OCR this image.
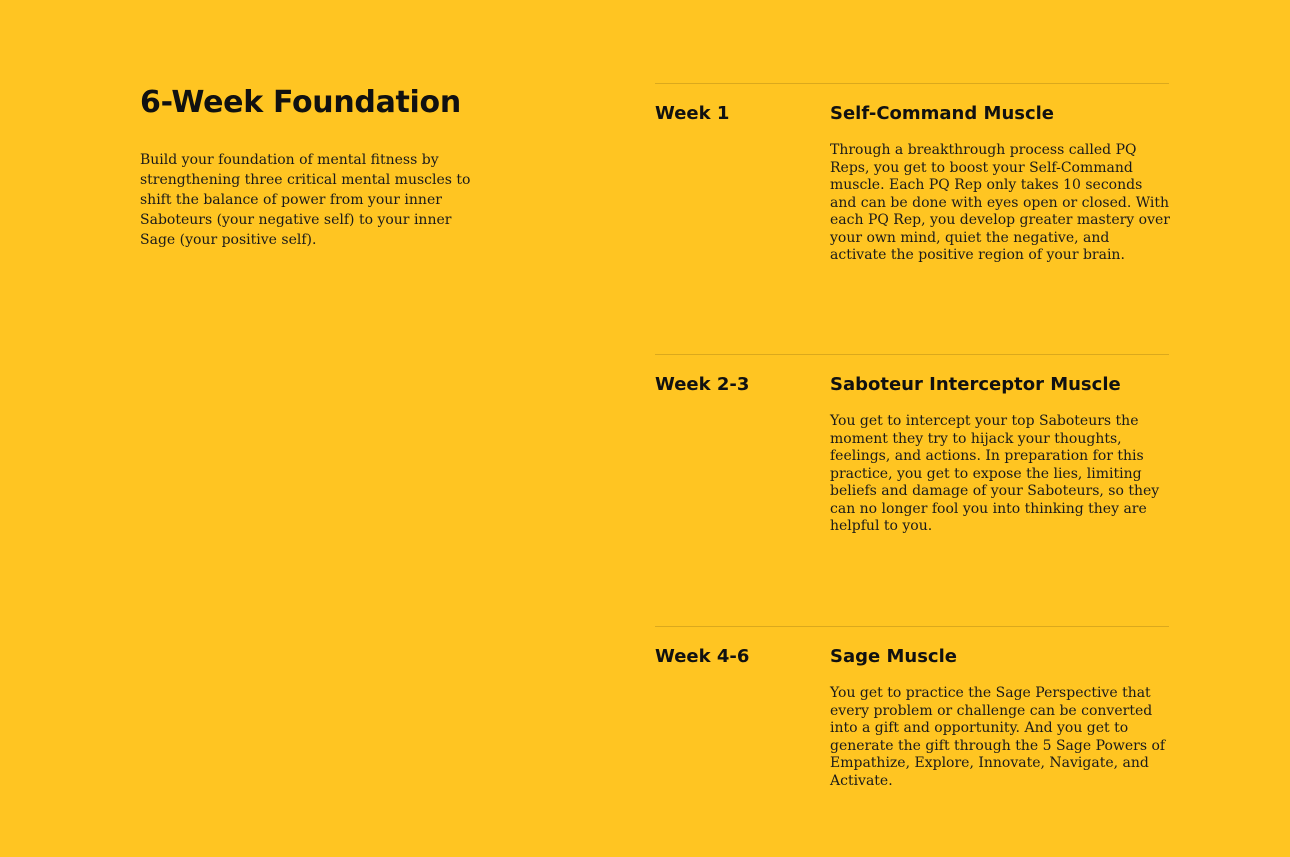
6-Week Foundation

Build your foundation of mental fitness by strengthening three critical mental muscles to shift the balance of power from your inner Saboteurs (your negative self) to your inner Sage (your positive self).

Week 1	Self-Command Muscle
Through a breakthrough process called PQ Reps, you get to boost your Self-Command muscle. Each PQ Rep only takes 10 seconds and can be done with eyes open or closed. With each PQ Rep, you develop greater mastery over your own mind, quiet the negative, and activate the positive region of your brain.
Week 2-3	Saboteur Interceptor Muscle
You get to intercept your top Saboteurs the moment they try to hijack your thoughts, feelings, and actions. In preparation for this practice, you get to expose the lies, limiting beliefs and damage of your Saboteurs, so they can no longer fool you into thinking they are helpful to you.
Week 4-6	Sage Muscle
You get to practice the Sage Perspective that every problem or challenge can be converted into a gift and opportunity. And you get to generate the gift through the 5 Sage Powers of Empathize, Explore, Innovate, Navigate, and Activate.
